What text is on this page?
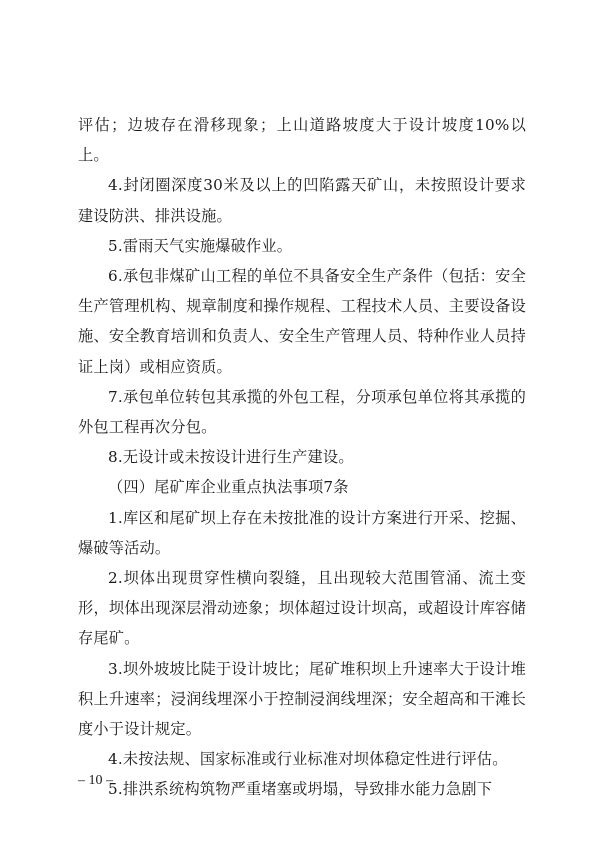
评估；边坡存在滑移现象；上山道路坡度大于设计坡度10%以上。

4.封闭圈深度30米及以上的凹陷露天矿山，未按照设计要求建设防洪、排洪设施。

5.雷雨天气实施爆破作业。

6.承包非煤矿山工程的单位不具备安全生产条件（包括：安全生产管理机构、规章制度和操作规程、工程技术人员、主要设备设施、安全教育培训和负责人、安全生产管理人员、特种作业人员持证上岗）或相应资质。

7.承包单位转包其承揽的外包工程，分项承包单位将其承揽的外包工程再次分包。

8.无设计或未按设计进行生产建设。

（四）尾矿库企业重点执法事项7条

1.库区和尾矿坝上存在未按批准的设计方案进行开采、挖掘、爆破等活动。

2.坝体出现贯穿性横向裂缝，且出现较大范围管涌、流土变形，坝体出现深层滑动迹象；坝体超过设计坝高，或超设计库容储存尾矿。

3.坝外坡坡比陡于设计坡比；尾矿堆积坝上升速率大于设计堆积上升速率；浸润线埋深小于控制浸润线埋深；安全超高和干滩长度小于设计规定。

4.未按法规、国家标准或行业标准对坝体稳定性进行评估。

5.排洪系统构筑物严重堵塞或坍塌，导致排水能力急剧下

– 10 –
